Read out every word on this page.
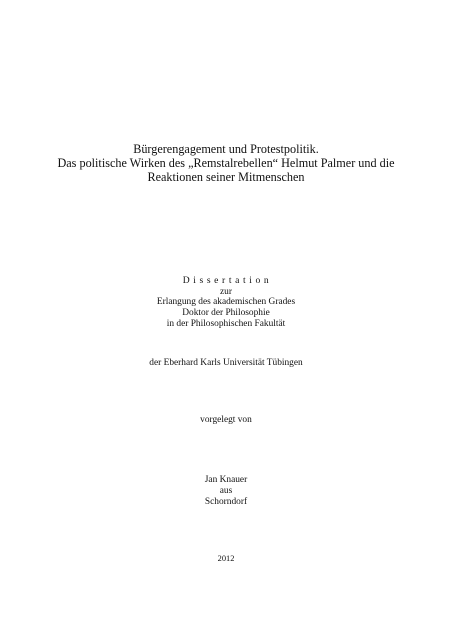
Bürgerengagement und Protestpolitik.
Das politische Wirken des „Remstalrebellen“ Helmut Palmer und die
Reaktionen seiner Mitmenschen
Dissertation
zur
Erlangung des akademischen Grades
Doktor der Philosophie
in der Philosophischen Fakultät
der Eberhard Karls Universität Tübingen
vorgelegt von
Jan Knauer
aus
Schorndorf
2012
